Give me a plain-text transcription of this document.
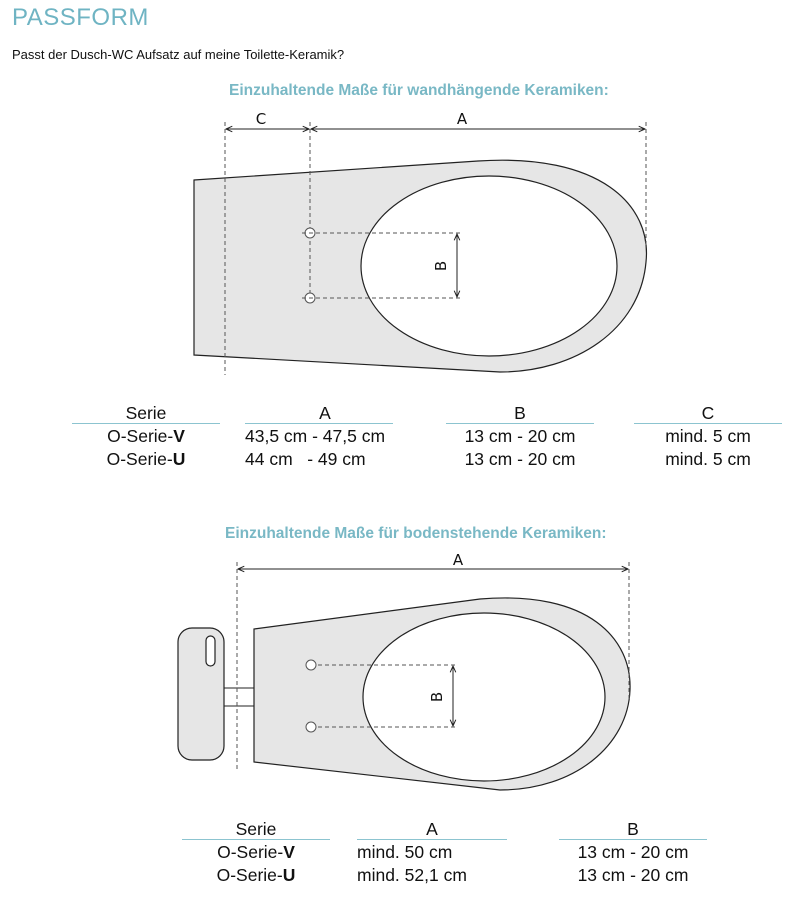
PASSFORM
Passt der Dusch-WC Aufsatz auf meine Toilette-Keramik?
Einzuhaltende Maße für wandhängende Keramiken:
C	A
B
Serie
O-Serie-V
O-Serie-U
A
43,5 cm - 47,5 cm
44 cm   - 49 cm
B
13 cm - 20 cm
13 cm - 20 cm
C
mind. 5 cm
mind. 5 cm
Einzuhaltende Maße für bodenstehende Keramiken:
A
B
Serie
O-Serie-V
O-Serie-U
A
mind. 50 cm
mind. 52,1 cm
B
13 cm - 20 cm
13 cm - 20 cm
